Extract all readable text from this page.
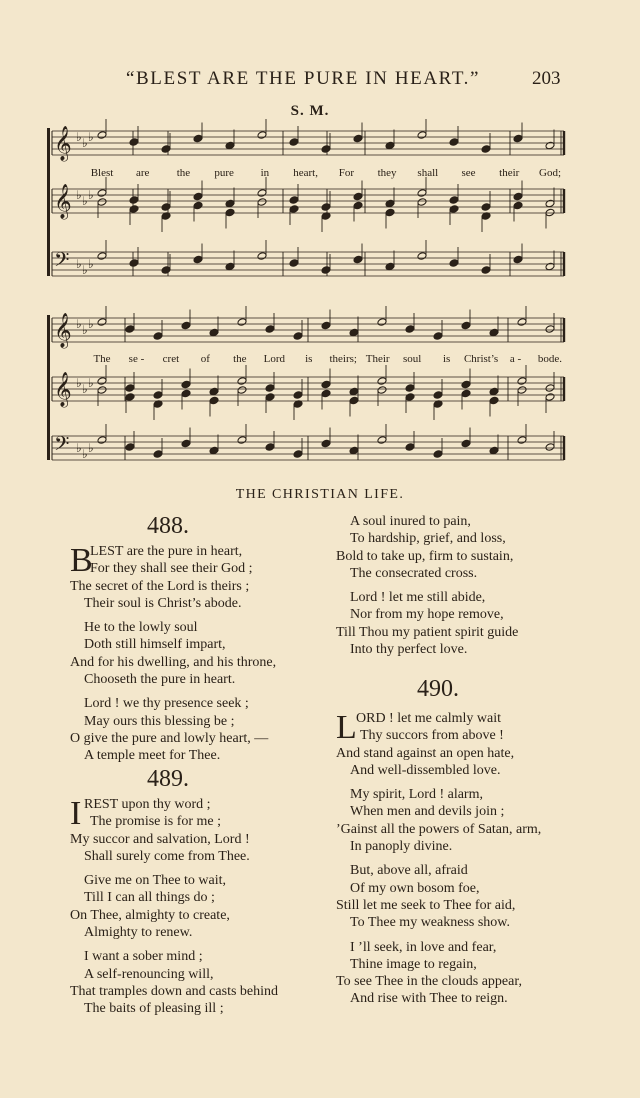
“BLEST ARE THE PURE IN HEART.”	203
S. M.
𝄞 ♭ ♭ ♭
𝄞 ♭ ♭ ♭
𝄢 ♭ ♭ ♭
𝄞 ♭ ♭ ♭
𝄞 ♭ ♭ ♭
𝄢 ♭ ♭ ♭
Blest are the pure in heart, For they shall see their God;
The se - cret of the Lord is theirs; Their soul is Christ’s a - bode.
THE CHRISTIAN LIFE.
488.
B
LEST are the pure in heart,
For they shall see their God ;
The secret of the Lord is theirs ;
Their soul is Christ’s abode.
He to the lowly soul
Doth still himself impart,
And for his dwelling, and his throne,
Chooseth the pure in heart.
Lord ! we thy presence seek ;
May ours this blessing be ;
O give the pure and lowly heart, —
A temple meet for Thee.
489.
I REST upon thy word ;
The promise is for me ;
My succor and salvation, Lord !
Shall surely come from Thee.
Give me on Thee to wait,
Till I can all things do ;
On Thee, almighty to create,
Almighty to renew.
I want a sober mind ;
A self-renouncing will,
That tramples down and casts behind
The baits of pleasing ill ;
A soul inured to pain,
To hardship, grief, and loss,
Bold to take up, firm to sustain,
The consecrated cross.
Lord ! let me still abide,
Nor from my hope remove,
Till Thou my patient spirit guide
Into thy perfect love.
490.
L ORD ! let me calmly wait
Thy succors from above !
And stand against an open hate,
And well-dissembled love.
My spirit, Lord ! alarm,
When men and devils join ;
’Gainst all the powers of Satan, arm,
In panoply divine.
But, above all, afraid
Of my own bosom foe,
Still let me seek to Thee for aid,
To Thee my weakness show.
I ’ll seek, in love and fear,
Thine image to regain,
To see Thee in the clouds appear,
And rise with Thee to reign.
